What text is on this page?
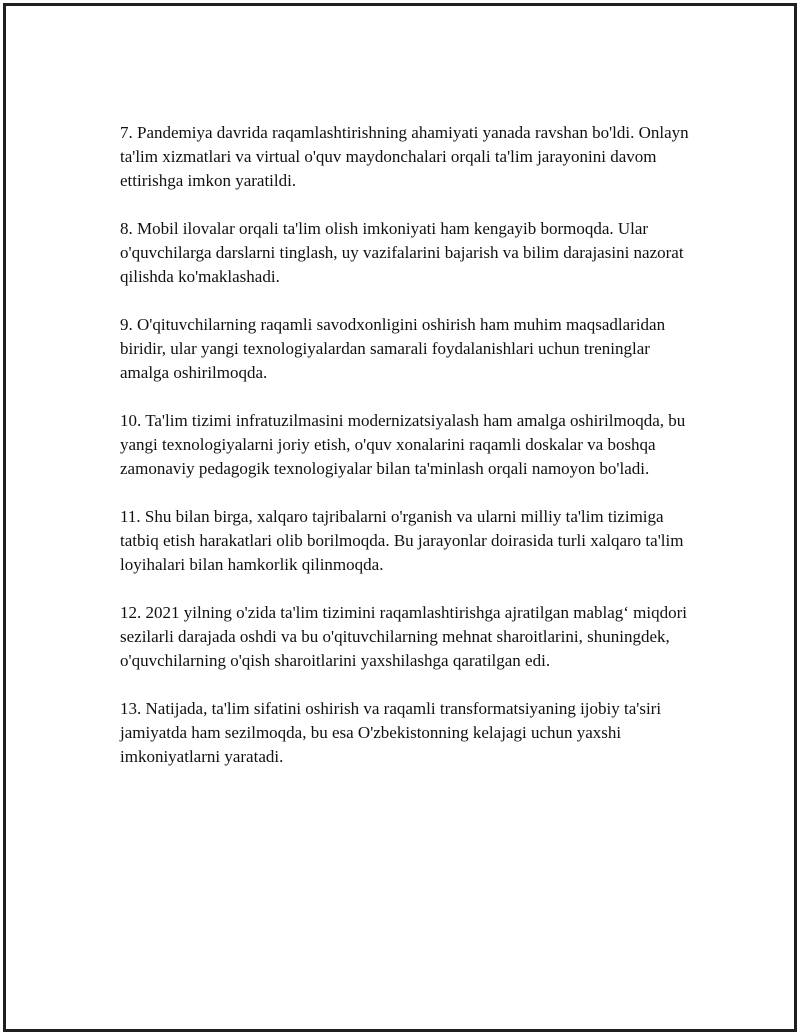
7. Pandemiya davrida raqamlashtirishning ahamiyati yanada ravshan bo'ldi. Onlayn ta'lim xizmatlari va virtual o'quv maydonchalari orqali ta'lim jarayonini davom ettirishga imkon yaratildi.

8. Mobil ilovalar orqali ta'lim olish imkoniyati ham kengayib bormoqda. Ular o'quvchilarga darslarni tinglash, uy vazifalarini bajarish va bilim darajasini nazorat qilishda ko'maklashadi.

9. O'qituvchilarning raqamli savodxonligini oshirish ham muhim maqsadlaridan biridir, ular yangi texnologiyalardan samarali foydalanishlari uchun treninglar amalga oshirilmoqda.

10. Ta'lim tizimi infratuzilmasini modernizatsiyalash ham amalga oshirilmoqda, bu yangi texnologiyalarni joriy etish, o'quv xonalarini raqamli doskalar va boshqa zamonaviy pedagogik texnologiyalar bilan ta'minlash orqali namoyon bo'ladi.

11. Shu bilan birga, xalqaro tajribalarni o'rganish va ularni milliy ta'lim tizimiga tatbiq etish harakatlari olib borilmoqda. Bu jarayonlar doirasida turli xalqaro ta'lim loyihalari bilan hamkorlik qilinmoqda.

12. 2021 yilning o'zida ta'lim tizimini raqamlashtirishga ajratilgan mablag‘ miqdori sezilarli darajada oshdi va bu o'qituvchilarning mehnat sharoitlarini, shuningdek, o'quvchilarning o'qish sharoitlarini yaxshilashga qaratilgan edi.

13. Natijada, ta'lim sifatini oshirish va raqamli transformatsiyaning ijobiy ta'siri jamiyatda ham sezilmoqda, bu esa O'zbekistonning kelajagi uchun yaxshi imkoniyatlarni yaratadi.
